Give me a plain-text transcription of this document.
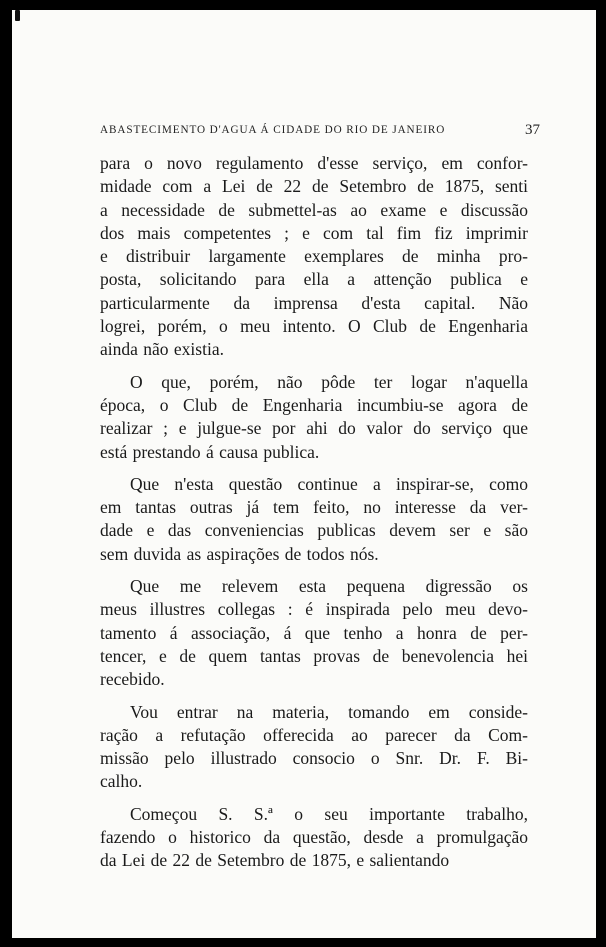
ABASTECIMENTO D'AGUA Á CIDADE DO RIO DE JANEIRO	37

para o novo regulamento d'esse serviço, em confor-
midade com a Lei de 22 de Setembro de 1875, senti
a necessidade de submettel-as ao exame e discussão
dos mais competentes ; e com tal fim fiz imprimir
e distribuir largamente exemplares de minha pro-
posta, solicitando para ella a attenção publica e
particularmente da imprensa d'esta capital. Não
logrei, porém, o meu intento. O Club de Engenharia
ainda não existia.

O que, porém, não pôde ter logar n'aquella
época, o Club de Engenharia incumbiu-se agora de
realizar ; e julgue-se por ahi do valor do serviço que
está prestando á causa publica.

Que n'esta questão continue a inspirar-se, como
em tantas outras já tem feito, no interesse da ver-
dade e das conveniencias publicas devem ser e são
sem duvida as aspirações de todos nós.

Que me relevem esta pequena digressão os
meus illustres collegas : é inspirada pelo meu devo-
tamento á associação, á que tenho a honra de per-
tencer, e de quem tantas provas de benevolencia hei
recebido.

Vou entrar na materia, tomando em conside-
ração a refutação offerecida ao parecer da Com-
missão pelo illustrado consocio o Snr. Dr. F. Bi-
calho.

Começou S. S.ª o seu importante trabalho,
fazendo o historico da questão, desde a promulgação
da Lei de 22 de Setembro de 1875, e salientando
